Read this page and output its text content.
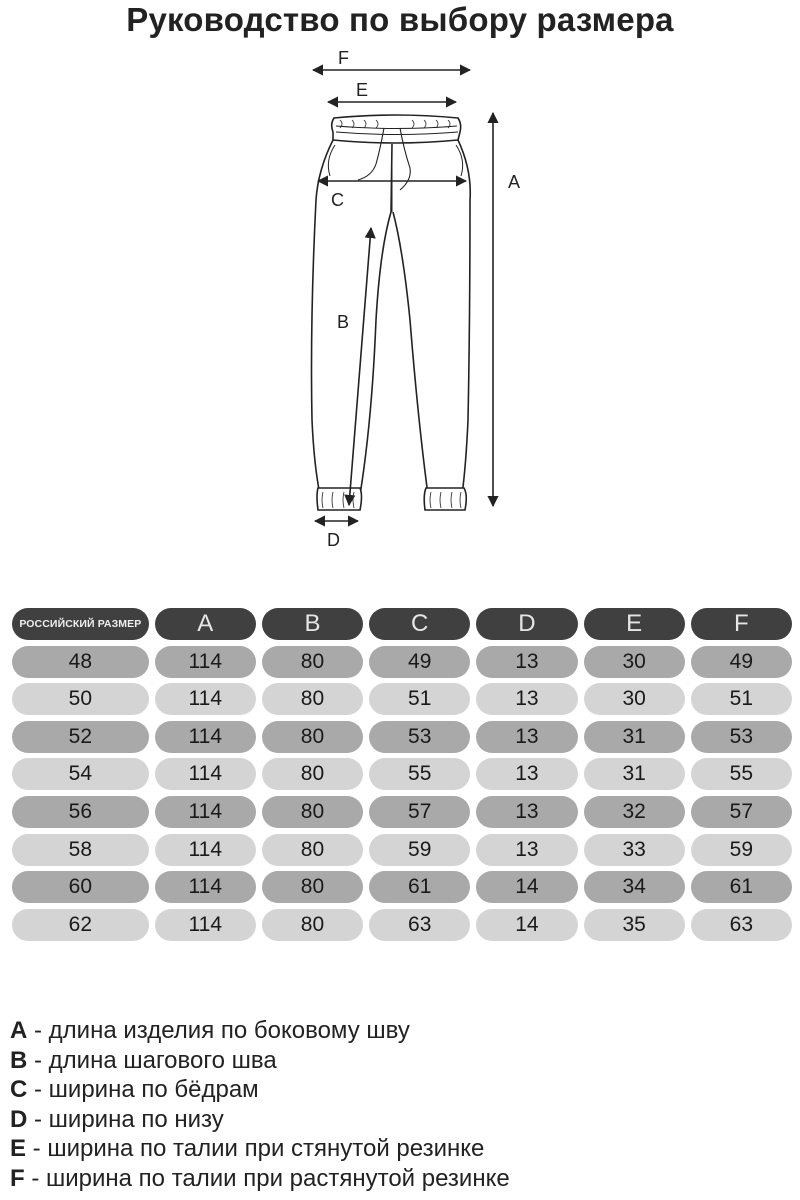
Руководство по выбору размера
F
E
C
A
B
D
РОССИЙСКИЙ РАЗМЕР	A	B	C	D	E	F
48	114	80	49	13	30	49
50	114	80	51	13	30	51
52	114	80	53	13	31	53
54	114	80	55	13	31	55
56	114	80	57	13	32	57
58	114	80	59	13	33	59
60	114	80	61	14	34	61
62	114	80	63	14	35	63
A - длина изделия по боковому шву
B - длина шагового шва
C - ширина по бёдрам
D - ширина по низу
E - ширина по талии при стянутой резинке
F - ширина по талии при растянутой резинке
